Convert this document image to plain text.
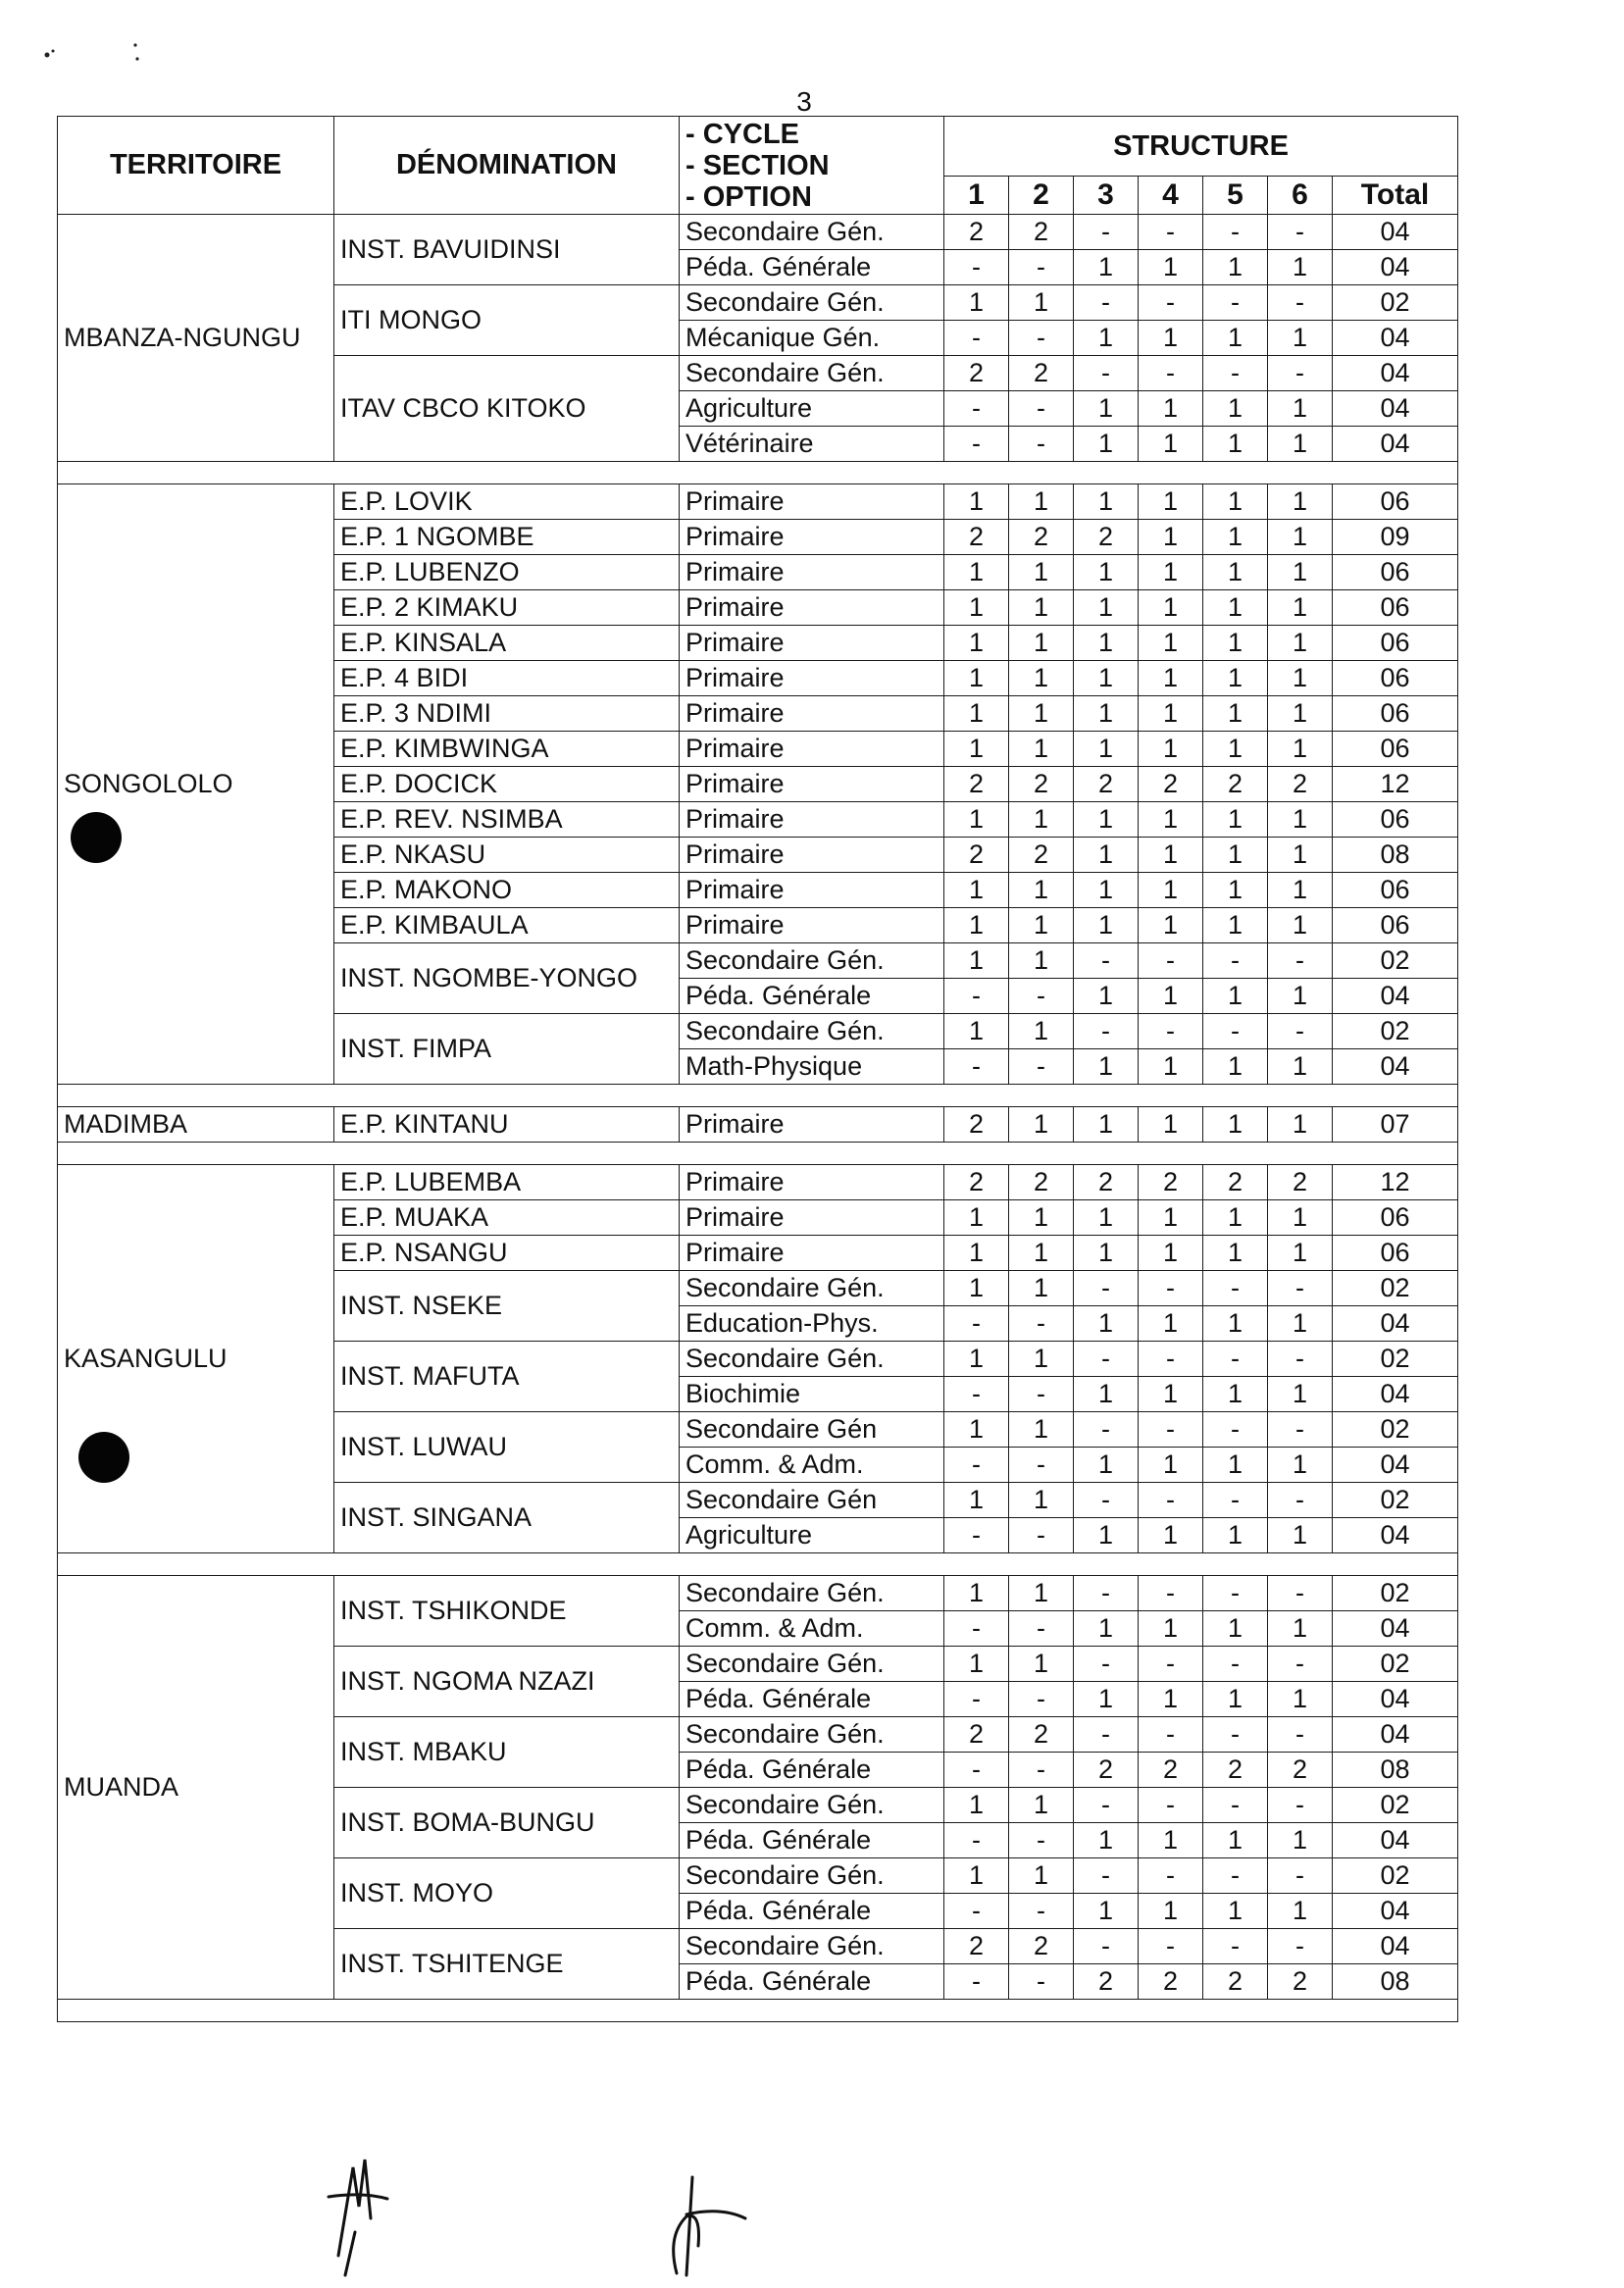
3
TERRITOIRE	DÉNOMINATION	- CYCLE
- SECTION
- OPTION	STRUCTURE						
			1	2	3	4	5	6	Total
MBANZA-NGUNGU	INST. BAVUIDINSI	Secondaire Gén.	2	2	-	-	-	-	04
		Péda. Générale	-	-	1	1	1	1	04
	ITI MONGO	Secondaire Gén.	1	1	-	-	-	-	02
		Mécanique Gén.	-	-	1	1	1	1	04
	ITAV CBCO KITOKO	Secondaire Gén.	2	2	-	-	-	-	04
		Agriculture	-	-	1	1	1	1	04
		Vétérinaire	-	-	1	1	1	1	04

SONGOLOLO	E.P. LOVIK	Primaire	1	1	1	1	1	1	06
	E.P. 1 NGOMBE	Primaire	2	2	2	1	1	1	09
	E.P. LUBENZO	Primaire	1	1	1	1	1	1	06
	E.P. 2 KIMAKU	Primaire	1	1	1	1	1	1	06
	E.P. KINSALA	Primaire	1	1	1	1	1	1	06
	E.P. 4 BIDI	Primaire	1	1	1	1	1	1	06
	E.P. 3 NDIMI	Primaire	1	1	1	1	1	1	06
	E.P. KIMBWINGA	Primaire	1	1	1	1	1	1	06
	E.P. DOCICK	Primaire	2	2	2	2	2	2	12
	E.P. REV. NSIMBA	Primaire	1	1	1	1	1	1	06
	E.P. NKASU	Primaire	2	2	1	1	1	1	08
	E.P. MAKONO	Primaire	1	1	1	1	1	1	06
	E.P. KIMBAULA	Primaire	1	1	1	1	1	1	06
	INST. NGOMBE-YONGO	Secondaire Gén.	1	1	-	-	-	-	02
		Péda. Générale	-	-	1	1	1	1	04
	INST. FIMPA	Secondaire Gén.	1	1	-	-	-	-	02
		Math-Physique	-	-	1	1	1	1	04

MADIMBA	E.P. KINTANU	Primaire	2	1	1	1	1	1	07

KASANGULU	E.P. LUBEMBA	Primaire	2	2	2	2	2	2	12
	E.P. MUAKA	Primaire	1	1	1	1	1	1	06
	E.P. NSANGU	Primaire	1	1	1	1	1	1	06
	INST. NSEKE	Secondaire Gén.	1	1	-	-	-	-	02
		Education-Phys.	-	-	1	1	1	1	04
	INST. MAFUTA	Secondaire Gén.	1	1	-	-	-	-	02
		Biochimie	-	-	1	1	1	1	04
	INST. LUWAU	Secondaire Gén	1	1	-	-	-	-	02
		Comm. & Adm.	-	-	1	1	1	1	04
	INST. SINGANA	Secondaire Gén	1	1	-	-	-	-	02
		Agriculture	-	-	1	1	1	1	04

MUANDA	INST. TSHIKONDE	Secondaire Gén.	1	1	-	-	-	-	02
		Comm. & Adm.	-	-	1	1	1	1	04
	INST. NGOMA NZAZI	Secondaire Gén.	1	1	-	-	-	-	02
		Péda. Générale	-	-	1	1	1	1	04
	INST. MBAKU	Secondaire Gén.	2	2	-	-	-	-	04
		Péda. Générale	-	-	2	2	2	2	08
	INST. BOMA-BUNGU	Secondaire Gén.	1	1	-	-	-	-	02
		Péda. Générale	-	-	1	1	1	1	04
	INST. MOYO	Secondaire Gén.	1	1	-	-	-	-	02
		Péda. Générale	-	-	1	1	1	1	04
	INST. TSHITENGE	Secondaire Gén.	2	2	-	-	-	-	04
		Péda. Générale	-	-	2	2	2	2	08
